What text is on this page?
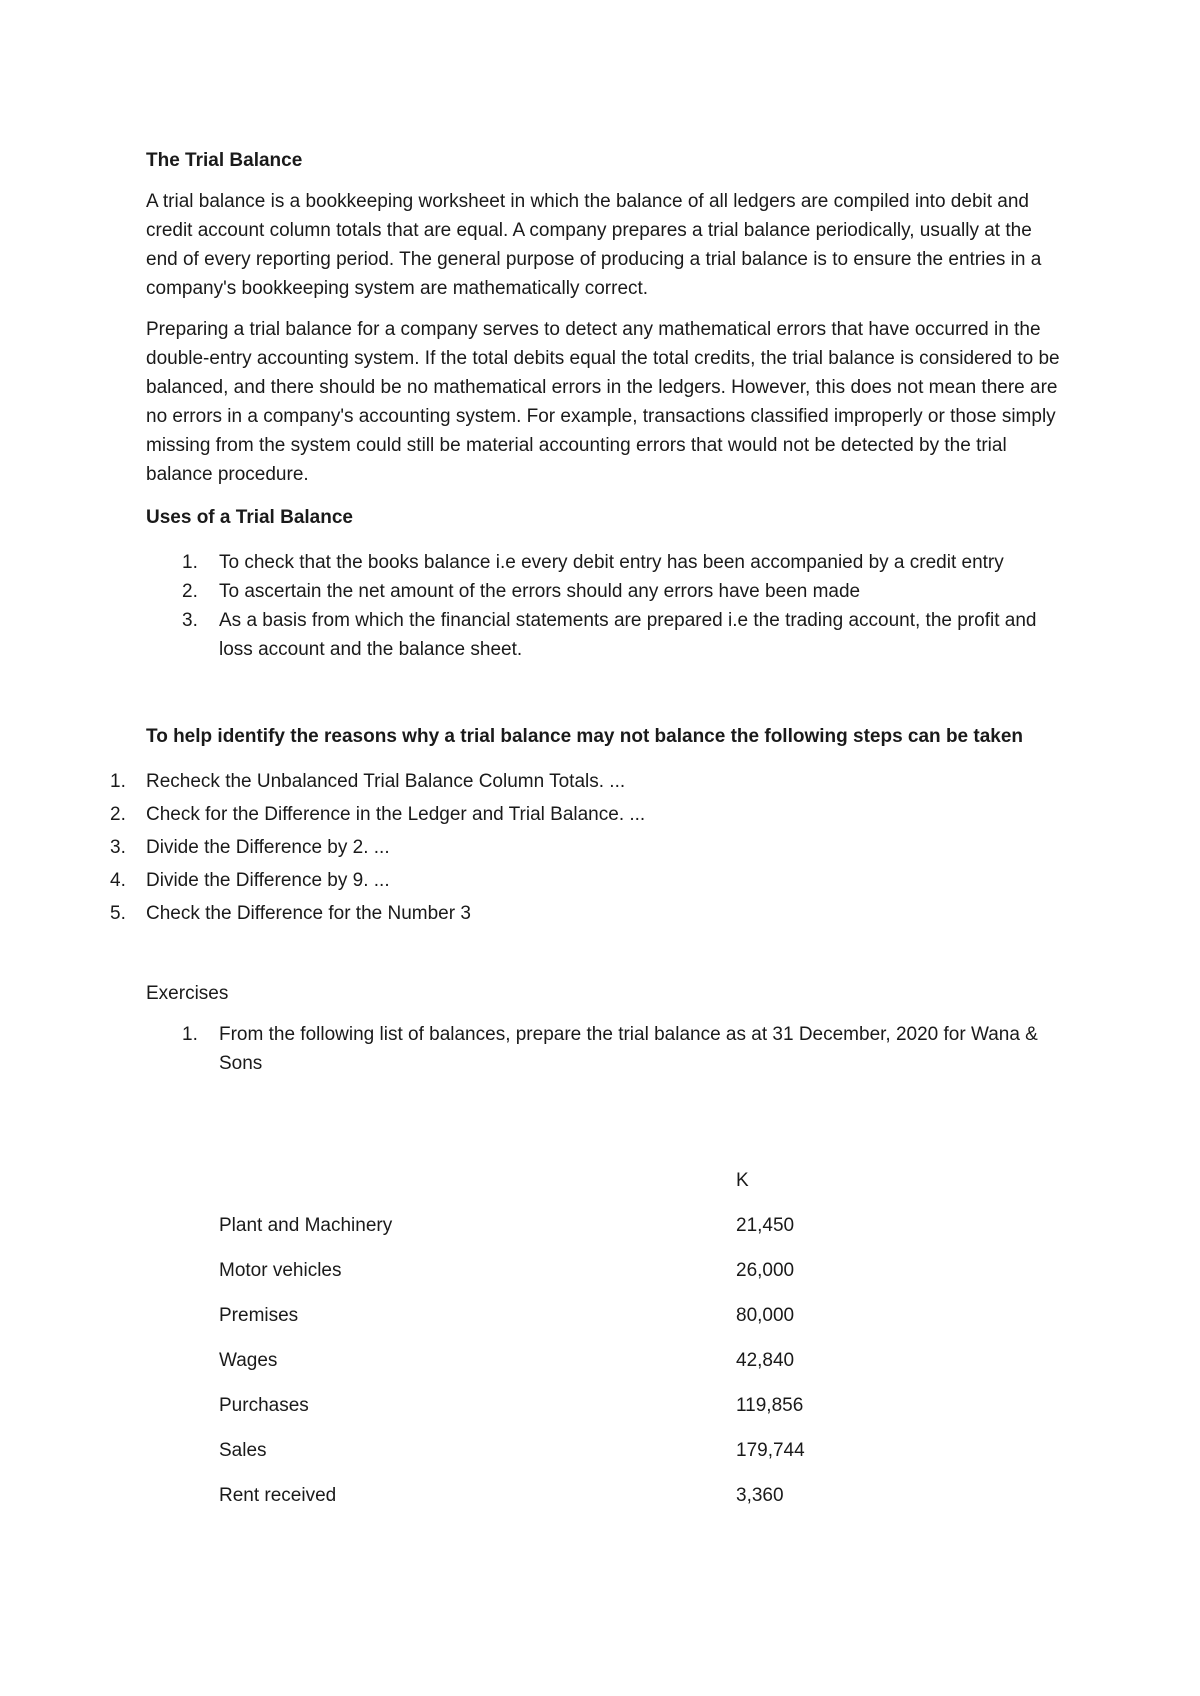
The Trial Balance

A trial balance is a bookkeeping worksheet in which the balance of all ledgers are compiled into debit and credit account column totals that are equal. A company prepares a trial balance periodically, usually at the end of every reporting period. The general purpose of producing a trial balance is to ensure the entries in a company's bookkeeping system are mathematically correct.

Preparing a trial balance for a company serves to detect any mathematical errors that have occurred in the double-entry accounting system. If the total debits equal the total credits, the trial balance is considered to be balanced, and there should be no mathematical errors in the ledgers. However, this does not mean there are no errors in a company's accounting system. For example, transactions classified improperly or those simply missing from the system could still be material accounting errors that would not be detected by the trial balance procedure.

Uses of a Trial Balance
1. To check that the books balance i.e every debit entry has been accompanied by a credit entry
2. To ascertain the net amount of the errors should any errors have been made
3. As a basis from which the financial statements are prepared i.e the trading account, the profit and loss account and the balance sheet.
To help identify the reasons why a trial balance may not balance the following steps can be taken
1. Recheck the Unbalanced Trial Balance Column Totals. ...
2. Check for the Difference in the Ledger and Trial Balance. ...
3. Divide the Difference by 2. ...
4. Divide the Difference by 9. ...
5. Check the Difference for the Number 3
Exercises
1. From the following list of balances, prepare the trial balance as at 31 December, 2020 for Wana & Sons
	K
Plant and Machinery	21,450
Motor vehicles	26,000
Premises	80,000
Wages	42,840
Purchases	119,856
Sales	179,744
Rent received	3,360
